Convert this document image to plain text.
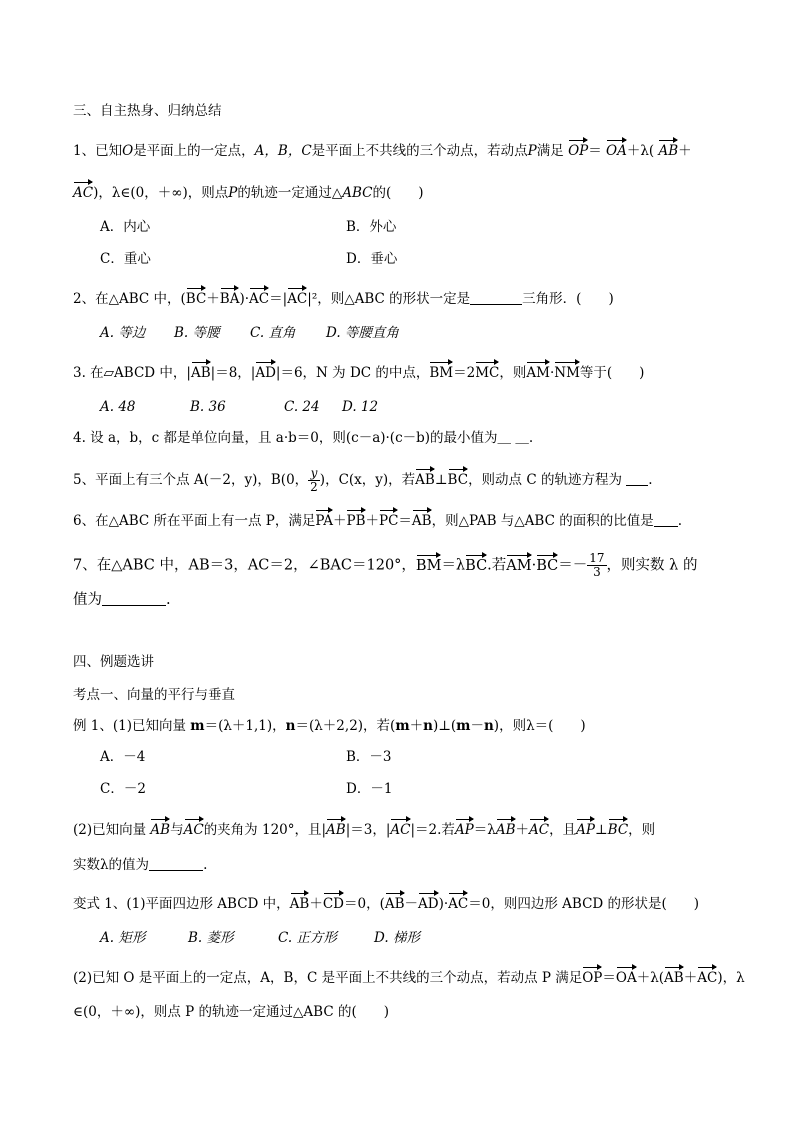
三、自主热身、归纳总结
1、已知O是平面上的一定点，A，B，C是平面上不共线的三个动点，若动点P满足 OP＝ OA＋λ( AB＋
AC)，λ∈(0，＋∞)，则点P的轨迹一定通过△ABC的(　　)
A．内心	B．外心
C．重心	D．垂心
2、在△ABC 中，(BC＋BA)·AC＝|AC|²，则△ABC 的形状一定是	三角形．(　　)
A. 等边 B. 等腰 C. 直角 D. 等腰直角
3. 在▱ABCD 中，|AB|＝8，|AD|＝6，N 为 DC 的中点，BM＝2MC，则AM·NM等于(　　)
A. 48	B. 36	C. 24 D. 12
4. 设 a，b，c 都是单位向量，且 a·b＝0，则(c－a)·(c－b)的最小值为＿ ＿.
5、平面上有三个点 A(－2，y)，B(0， $\frac{y}{2}$ )，C(x，y)，若AB⊥BC，则动点 C 的轨迹方程为 .
6、在△ABC 所在平面上有一点 P，满足PA＋PB＋PC＝AB，则△PAB 与△ABC 的面积的比值是 .
7、在△ABC 中，AB＝3，AC＝2，∠BAC＝120°，BM＝λBC.若$AM\cdot BC=- \frac{17}{3}$ ，则实数 λ 的
值为	.
四、例题选讲
考点一、向量的平行与垂直
例 1、(1)已知向量 m＝(λ＋1,1)，n＝(λ＋2,2)，若(m＋n)⊥(m－n)，则λ＝(　　)
A．－4	B．－3
C．－2	D．－1
(2)已知向量 AB与AC的夹角为 120°，且|AB|＝3，|AC|＝2.若AP＝λAB＋AC，且AP⊥BC，则
实数λ的值为	.
变式 1、(1)平面四边形 ABCD 中，AB＋CD＝0，(AB－AD)·AC＝0，则四边形 ABCD 的形状是(　　)
A. 矩形	B. 菱形	C. 正方形	D. 梯形
(2)已知 O 是平面上的一定点，A，B，C 是平面上不共线的三个动点，若动点 P 满足OP＝OA＋λ(AB＋AC)，λ
∈(0，＋∞)，则点 P 的轨迹一定通过△ABC 的(　　)
